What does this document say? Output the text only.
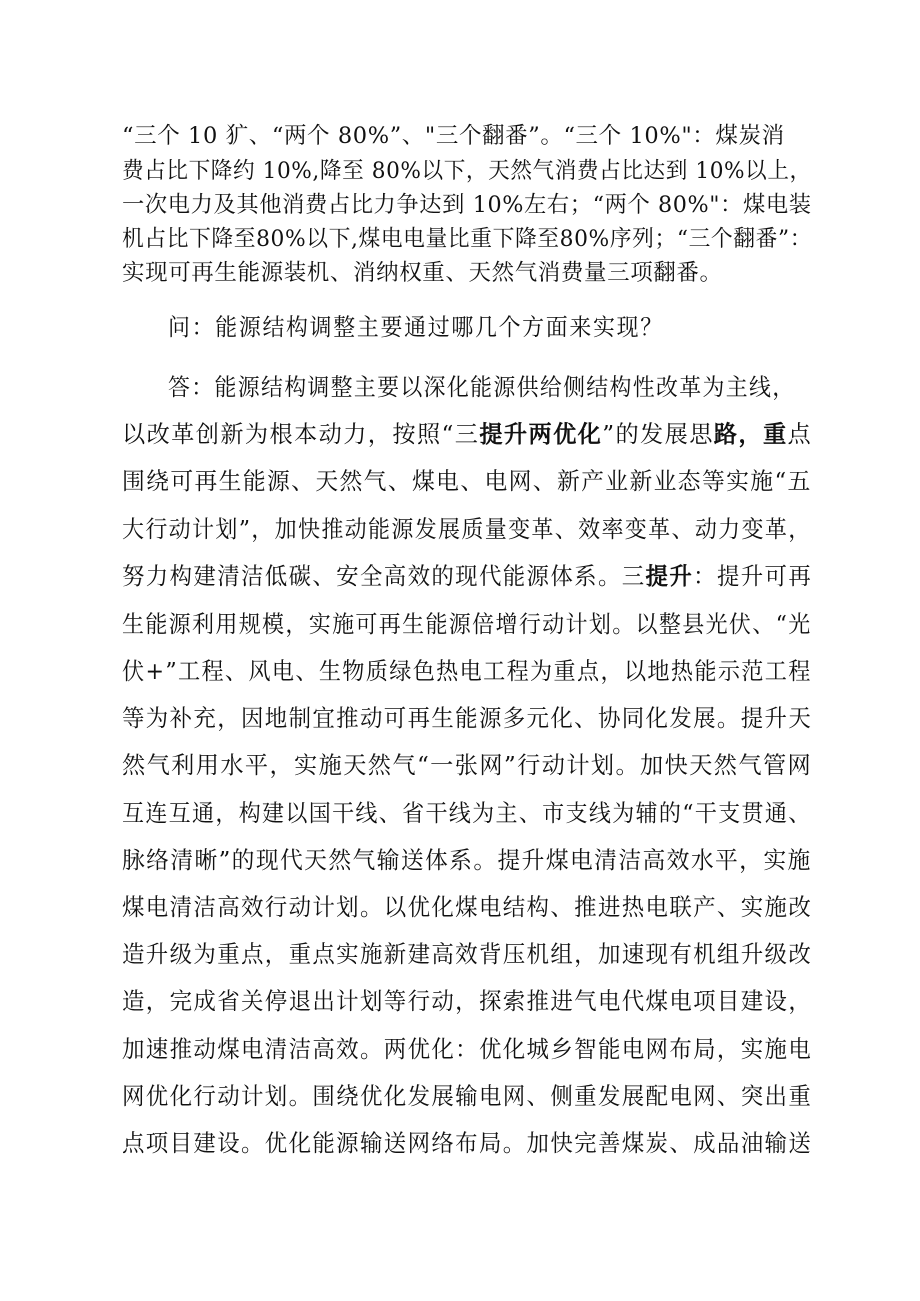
“三个 10 犷、“两个 80%”、"三个翻番”。“三个 10%"：煤炭消

费占比下降约 10%,降至 80%以下，天然气消费占比达到 10%以上，

一次电力及其他消费占比力争达到 10%左右；“两个 80%"：煤电装

机占比下降至80%以下,煤电电量比重下降至80%序列；“三个翻番”：

实现可再生能源装机、消纳权重、天然气消费量三项翻番。

问：能源结构调整主要通过哪几个方面来实现？

答：能源结构调整主要以深化能源供给侧结构性改革为主线，

以改革创新为根本动力，按照“三提升两优化”的发展思路，重点

围绕可再生能源、天然气、煤电、电网、新产业新业态等实施“五

大行动计划”，加快推动能源发展质量变革、效率变革、动力变革，

努力构建清洁低碳、安全高效的现代能源体系。三提升：提升可再

生能源利用规模，实施可再生能源倍增行动计划。以整县光伏、“光

伏+”工程、风电、生物质绿色热电工程为重点，以地热能示范工程

等为补充，因地制宜推动可再生能源多元化、协同化发展。提升天

然气利用水平，实施天然气“一张网”行动计划。加快天然气管网

互连互通，构建以国干线、省干线为主、市支线为辅的“干支贯通、

脉络清晰”的现代天然气输送体系。提升煤电清洁高效水平，实施

煤电清洁高效行动计划。以优化煤电结构、推进热电联产、实施改

造升级为重点，重点实施新建高效背压机组，加速现有机组升级改

造，完成省关停退出计划等行动，探索推进气电代煤电项目建设，

加速推动煤电清洁高效。两优化：优化城乡智能电网布局，实施电

网优化行动计划。围绕优化发展输电网、侧重发展配电网、突出重

点项目建设。优化能源输送网络布局。加快完善煤炭、成品油输送
